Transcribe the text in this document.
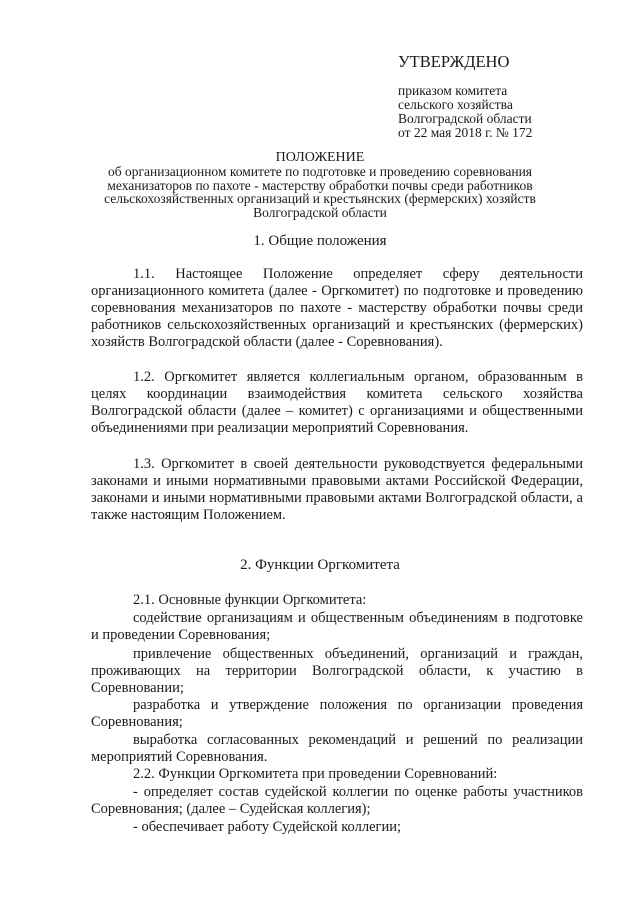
УТВЕРЖДЕНО
приказом комитета
сельского хозяйства
Волгоградской области
от 22 мая 2018 г. № 172
ПОЛОЖЕНИЕ
об организационном комитете по подготовке и проведению соревнования
механизаторов по пахоте - мастерству обработки почвы среди работников
сельскохозяйственных организаций и крестьянских (фермерских) хозяйств
Волгоградской области
1. Общие положения

1.1. Настоящее Положение определяет сферу деятельности организационного комитета (далее - Оргкомитет) по подготовке и проведению соревнования механизаторов по пахоте - мастерству обработки почвы среди работников сельскохозяйственных организаций и крестьянских (фермерских) хозяйств Волгоградской области (далее - Соревнования).

1.2. Оргкомитет является коллегиальным органом, образованным в целях координации взаимодействия комитета сельского хозяйства Волгоградской области (далее – комитет) с организациями и общественными объединениями при реализации мероприятий Соревнования.

1.3. Оргкомитет в своей деятельности руководствуется федеральными законами и иными нормативными правовыми актами Российской Федерации, законами и иными нормативными правовыми актами Волгоградской области, а также настоящим Положением.

2. Функции Оргкомитета

2.1. Основные функции Оргкомитета:

содействие организациям и общественным объединениям в подготовке и проведении Соревнования;

привлечение общественных объединений, организаций и граждан, проживающих на территории Волгоградской области, к участию в Соревновании;

разработка и утверждение положения по организации проведения Соревнования;

выработка согласованных рекомендаций и решений по реализации мероприятий Соревнования.

2.2. Функции Оргкомитета при проведении Соревнований:

- определяет состав судейской коллегии по оценке работы участников Соревнования; (далее – Судейская коллегия);

- обеспечивает работу Судейской коллегии;
